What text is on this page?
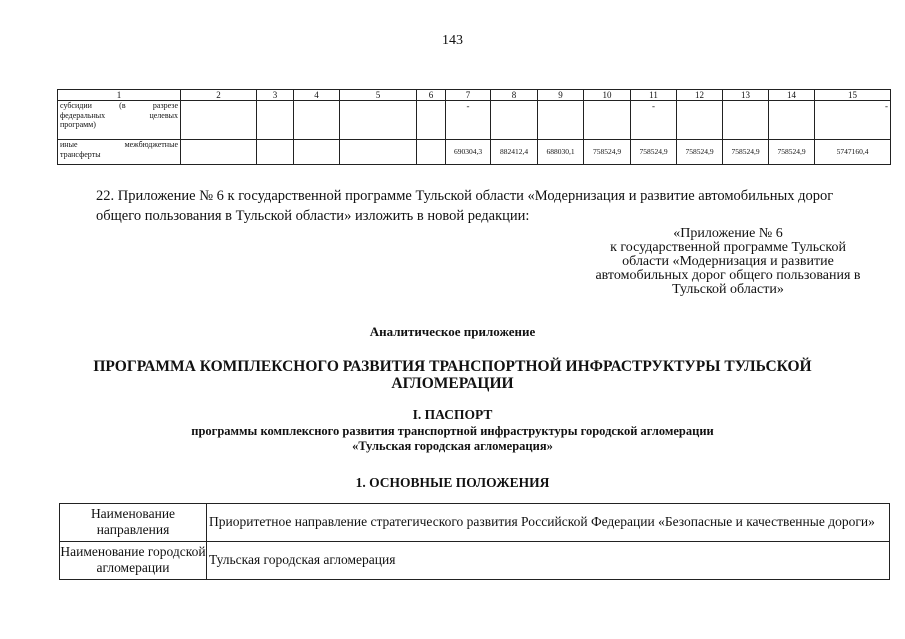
143
1	2	3	4	5	6	7	8	9	10	11	12	13	14	15

субсидии (в разрезе
федеральных целевых
программ)						-				-				-

иные межбюджетные
трансферты						690304,3	882412,4	688030,1	758524,9	758524,9	758524,9	758524,9	758524,9	5747160,4
22. Приложение № 6 к государственной программе Тульской области «Модернизация и развитие автомобильных дорог общего пользования в Тульской области» изложить в новой редакции:
«Приложение № 6
к государственной программе Тульской
области «Модернизация и развитие
автомобильных дорог общего пользования в
Тульской области»
Аналитическое приложение
ПРОГРАММА КОМПЛЕКСНОГО РАЗВИТИЯ ТРАНСПОРТНОЙ ИНФРАСТРУКТУРЫ ТУЛЬСКОЙ АГЛОМЕРАЦИИ
I. ПАСПОРТ
программы комплексного развития транспортной инфраструктуры городской агломерации
«Тульская городская агломерация»
1. ОСНОВНЫЕ ПОЛОЖЕНИЯ
Наименование направления	Приоритетное направление стратегического развития Российской Федерации «Безопасные и качественные дороги»
Наименование городской агломерации	Тульская городская агломерация
